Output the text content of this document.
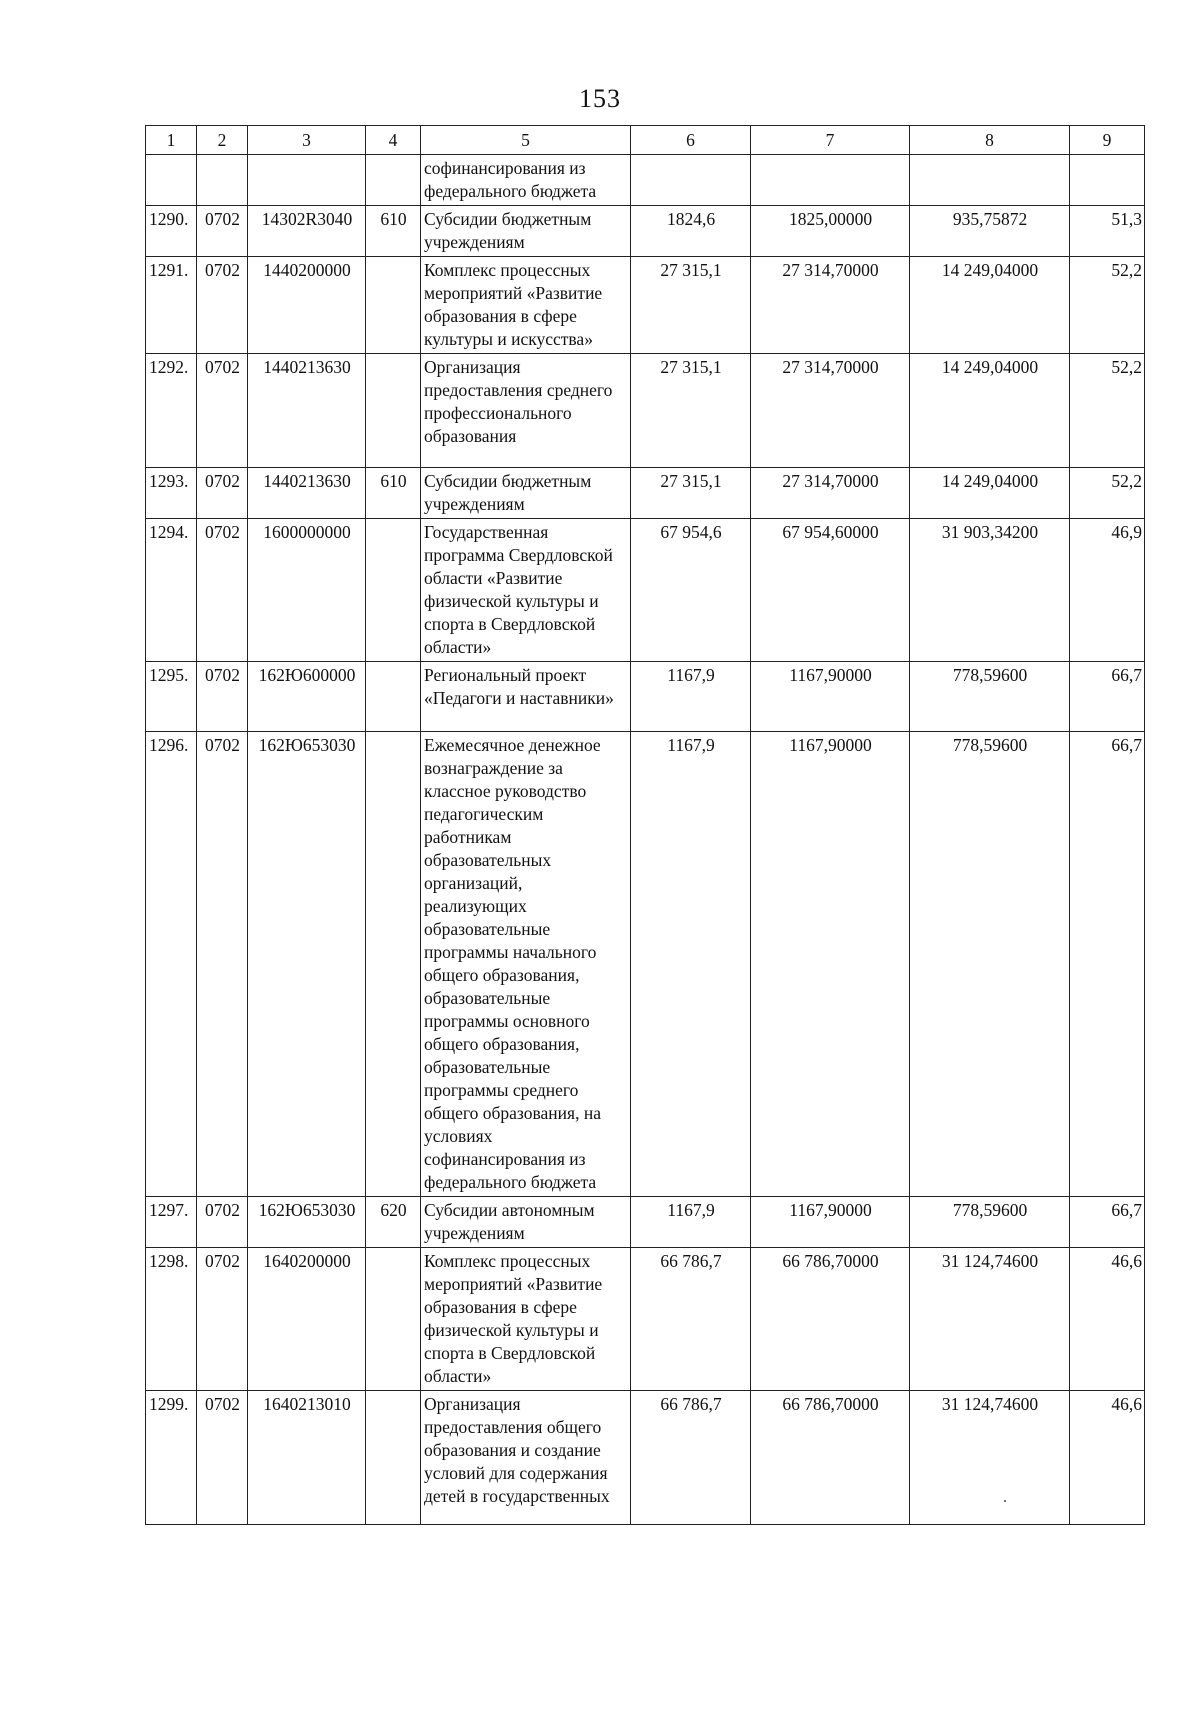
153
1	2	3	4	5	6	7	8	9
				софинансирования из федерального бюджета				
1290.	0702	14302R3040	610	Субсидии бюджетным учреждениям	1824,6	1825,00000	935,75872	51,3
1291.	0702	1440200000		Комплекс процессных мероприятий «Развитие образования в сфере культуры и искусства»	27 315,1	27 314,70000	14 249,04000	52,2
1292.	0702	1440213630		Организация предоставления среднего профессионального образования	27 315,1	27 314,70000	14 249,04000	52,2
1293.	0702	1440213630	610	Субсидии бюджетным учреждениям	27 315,1	27 314,70000	14 249,04000	52,2
1294.	0702	1600000000		Государственная программа Свердловской области «Развитие физической культуры и спорта в Свердловской области»	67 954,6	67 954,60000	31 903,34200	46,9
1295.	0702	162Ю600000		Региональный проект «Педагоги и наставники»	1167,9	1167,90000	778,59600	66,7
1296.	0702	162Ю653030		Ежемесячное денежное вознаграждение за классное руководство педагогическим работникам образовательных организаций, реализующих образовательные программы начального общего образования, образовательные программы основного общего образования, образовательные программы среднего общего образования, на условиях софинансирования из федерального бюджета	1167,9	1167,90000	778,59600	66,7
1297.	0702	162Ю653030	620	Субсидии автономным учреждениям	1167,9	1167,90000	778,59600	66,7
1298.	0702	1640200000		Комплекс процессных мероприятий «Развитие образования в сфере физической культуры и спорта в Свердловской области»	66 786,7	66 786,70000	31 124,74600	46,6
1299.	0702	1640213010		Организация предоставления общего образования и создание условий для содержания детей в государственных	66 786,7	66 786,70000	31 124,74600	46,6
